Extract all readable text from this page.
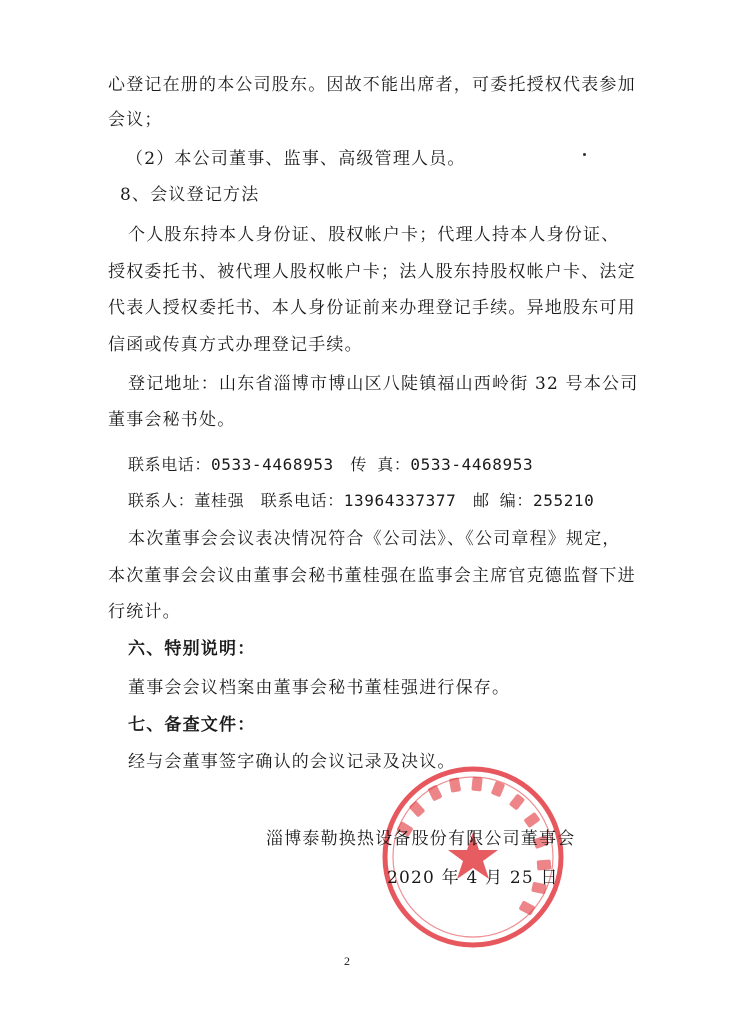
心登记在册的本公司股东。因故不能出席者，可委托授权代表参加
会议；
（2）本公司董事、监事、高级管理人员。
8、会议登记方法
个人股东持本人身份证、股权帐户卡；代理人持本人身份证、
授权委托书、被代理人股权帐户卡；法人股东持股权帐户卡、法定
代表人授权委托书、本人身份证前来办理登记手续。异地股东可用
信函或传真方式办理登记手续。
登记地址：山东省淄博市博山区八陡镇福山西岭街 32 号本公司
董事会秘书处。
联系电话：0533-4468953　传 真：0533-4468953
联系人：董桂强　联系电话：13964337377　邮 编：255210
本次董事会会议表决情况符合《公司法》、《公司章程》规定，
本次董事会会议由董事会秘书董桂强在监事会主席官克德监督下进
行统计。
六、特别说明：
董事会会议档案由董事会秘书董桂强进行保存。
七、备查文件：
经与会董事签字确认的会议记录及决议。
淄博泰勒换热设备股份有限公司董事会
2020 年 4 月 25 日
2
